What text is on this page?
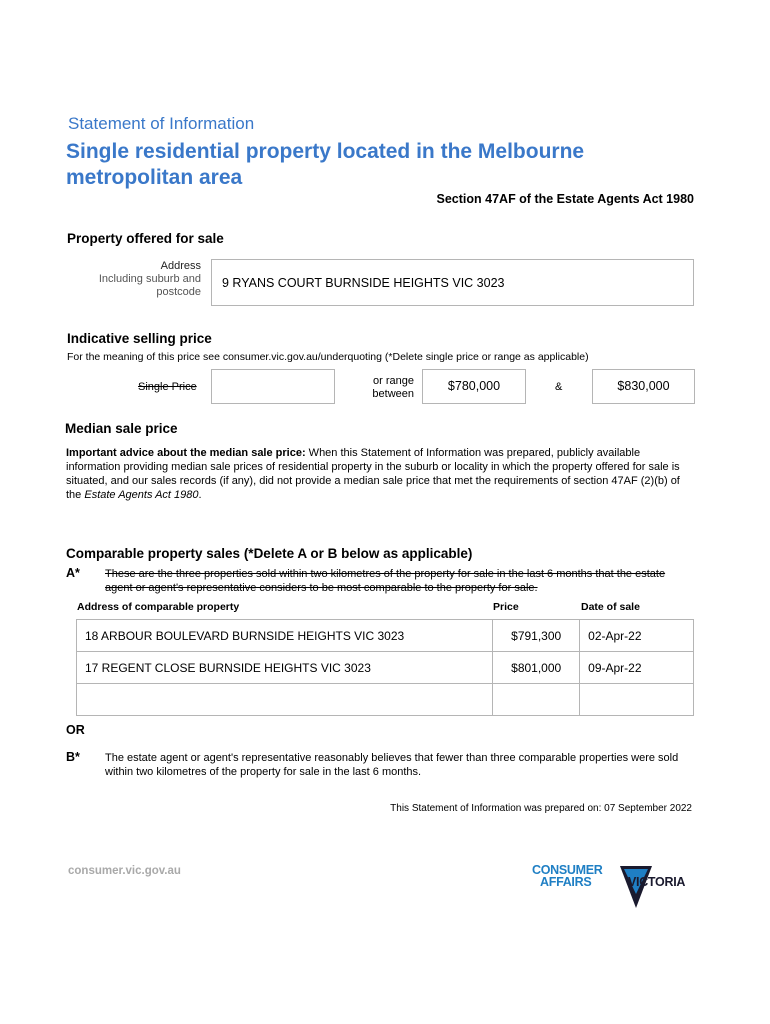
Statement of Information
Single residential property located in the Melbourne
metropolitan area
Section 47AF of the Estate Agents Act 1980
Property offered for sale
Address
Including suburb and
postcode
9 RYANS COURT BURNSIDE HEIGHTS VIC 3023
Indicative selling price
For the meaning of this price see consumer.vic.gov.au/underquoting (*Delete single price or range as applicable)
Single Price	or range
between
$780,000	&	$830,000
Median sale price
Important advice about the median sale price: When this Statement of Information was prepared, publicly available information providing median sale prices of residential property in the suburb or locality in which the property offered for sale is situated, and our sales records (if any), did not provide a median sale price that met the requirements of section 47AF (2)(b) of the Estate Agents Act 1980.
Comparable property sales (*Delete A or B below as applicable)
A* These are the three properties sold within two kilometres of the property for sale in the last 6 months that the estate agent or agent's representative considers to be most comparable to the property for sale.
Address of comparable property	Price	Date of sale
18 ARBOUR BOULEVARD BURNSIDE HEIGHTS VIC 3023	$791,300	02-Apr-22
17 REGENT CLOSE BURNSIDE HEIGHTS VIC 3023	$801,000	09-Apr-22

OR
B* The estate agent or agent's representative reasonably believes that fewer than three comparable properties were sold within two kilometres of the property for sale in the last 6 months.
This Statement of Information was prepared on: 07 September 2022
consumer.vic.gov.au	CONSUMER
AFFAIRS	VICTORIA
